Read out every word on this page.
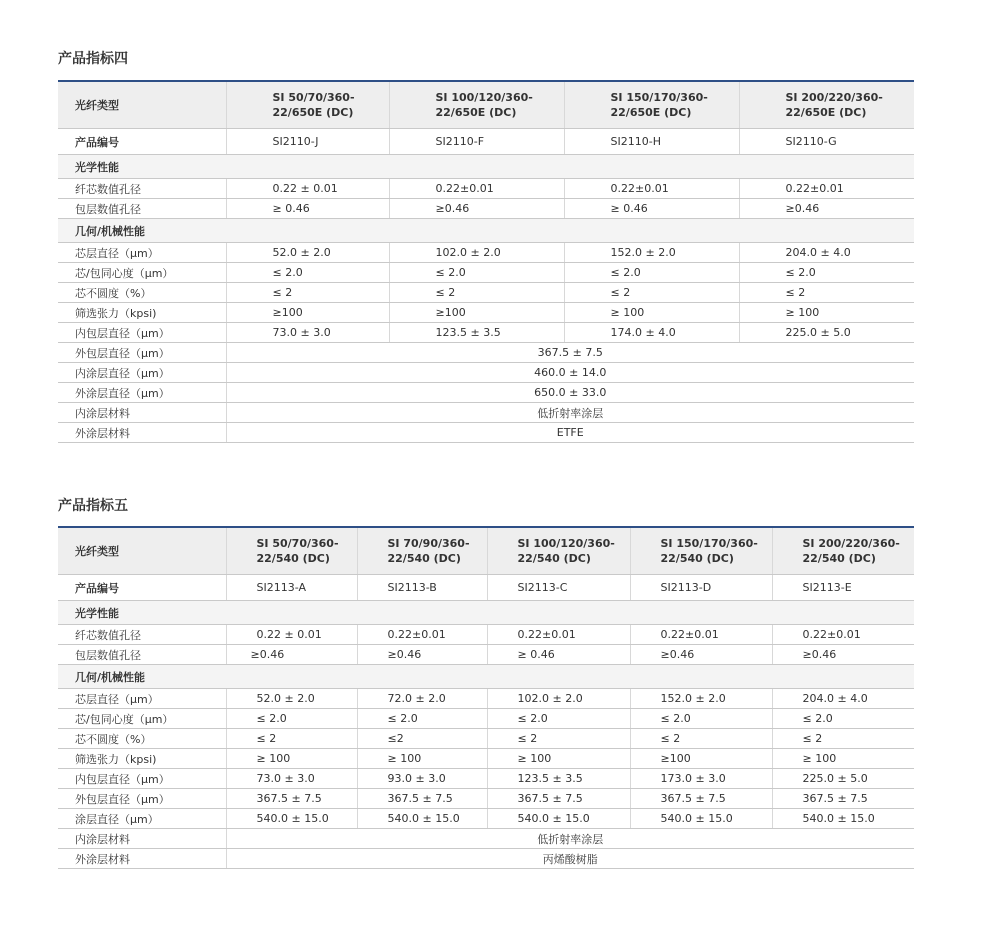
产品指标四
光纤类型	SI 50/70/360-22/650E (DC)	SI 100/120/360-22/650E (DC)	SI 150/170/360-22/650E (DC)	SI 200/220/360-22/650E (DC)
产品编号	SI2110-J	SI2110-F	SI2110-H	SI2110-G
光学性能				
纤芯数值孔径	0.22 ± 0.01	0.22±0.01	0.22±0.01	0.22±0.01
包层数值孔径	≥ 0.46	≥0.46	≥ 0.46	≥0.46
几何/机械性能				
芯层直径（μm）	52.0 ± 2.0	102.0 ± 2.0	152.0 ± 2.0	204.0 ± 4.0
芯/包同心度（μm）	≤ 2.0	≤ 2.0	≤ 2.0	≤ 2.0
芯不圆度（%）	≤ 2	≤ 2	≤ 2	≤ 2
筛选张力（kpsi)	≥100	≥100	≥ 100	≥ 100
内包层直径（μm）	73.0 ± 3.0	123.5 ± 3.5	174.0 ± 4.0	225.0 ± 5.0
外包层直径（μm）	367.5 ± 7.5			
内涂层直径（μm）	460.0 ± 14.0			
外涂层直径（μm）	650.0 ± 33.0			
内涂层材料	低折射率涂层			
外涂层材料	ETFE			
产品指标五
光纤类型	SI 50/70/360-22/540 (DC)	SI 70/90/360-22/540 (DC)	SI 100/120/360-22/540 (DC)	SI 150/170/360-22/540 (DC)	SI 200/220/360-22/540 (DC)
产品编号	SI2113-A	SI2113-B	SI2113-C	SI2113-D	SI2113-E
光学性能					
纤芯数值孔径	0.22 ± 0.01	0.22±0.01	0.22±0.01	0.22±0.01	0.22±0.01
包层数值孔径	≥0.46	≥0.46	≥ 0.46	≥0.46	≥0.46
几何/机械性能					
芯层直径（μm）	52.0 ± 2.0	72.0 ± 2.0	102.0 ± 2.0	152.0 ± 2.0	204.0 ± 4.0
芯/包同心度（μm）	≤ 2.0	≤ 2.0	≤ 2.0	≤ 2.0	≤ 2.0
芯不圆度（%）	≤ 2	≤2	≤ 2	≤ 2	≤ 2
筛选张力（kpsi)	≥ 100	≥ 100	≥ 100	≥100	≥ 100
内包层直径（μm）	73.0 ± 3.0	93.0 ± 3.0	123.5 ± 3.5	173.0 ± 3.0	225.0 ± 5.0
外包层直径（μm）	367.5 ± 7.5	367.5 ± 7.5	367.5 ± 7.5	367.5 ± 7.5	367.5 ± 7.5
涂层直径（μm）	540.0 ± 15.0	540.0 ± 15.0	540.0 ± 15.0	540.0 ± 15.0	540.0 ± 15.0
内涂层材料	低折射率涂层				
外涂层材料	丙烯酸树脂				
